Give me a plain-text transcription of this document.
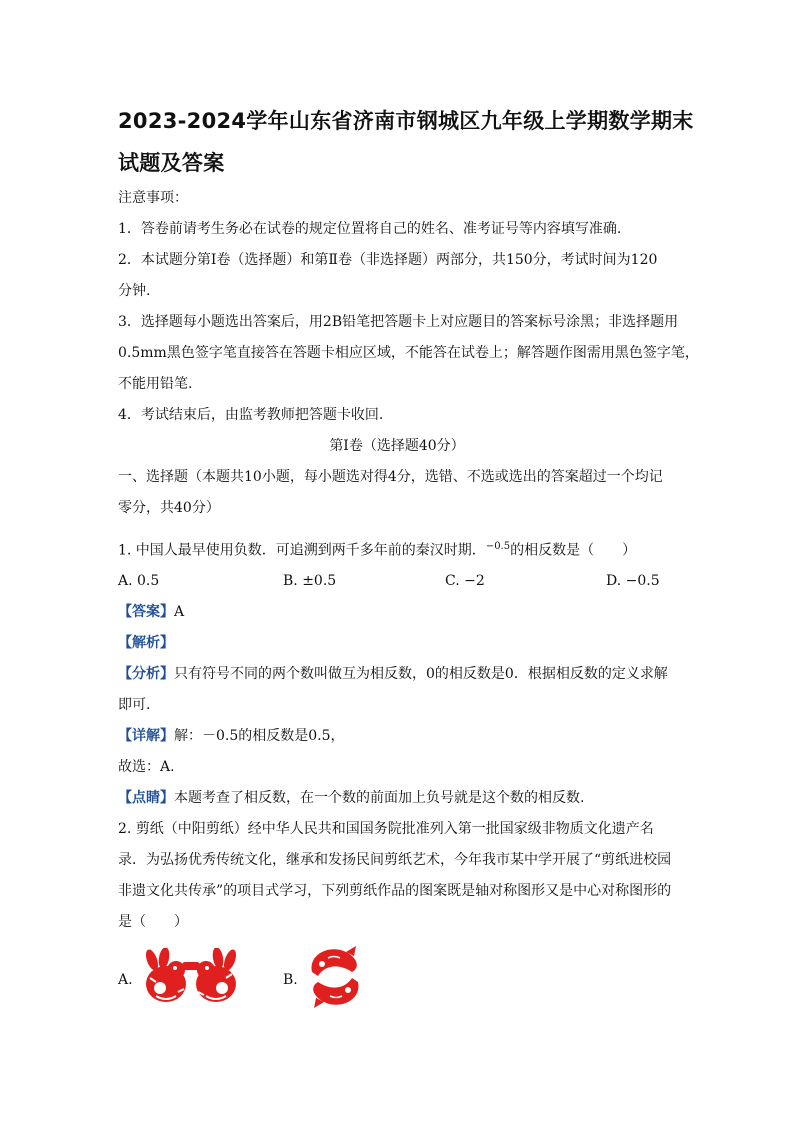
2023-2024学年山东省济南市钢城区九年级上学期数学期末试题及答案
注意事项：
1．答卷前请考生务必在试卷的规定位置将自己的姓名、准考证号等内容填写准确.
2．本试题分第Ⅰ卷（选择题）和第Ⅱ卷（非选择题）两部分，共150分，考试时间为120
分钟.
3．选择题每小题选出答案后，用2B铅笔把答题卡上对应题目的答案标号涂黑；非选择题用
0.5mm黑色签字笔直接答在答题卡相应区域，不能答在试卷上；解答题作图需用黑色签字笔，
不能用铅笔.
4．考试结束后，由监考教师把答题卡收回.
第Ⅰ卷（选择题40分）
一、选择题（本题共10小题，每小题选对得4分，选错、不选或选出的答案超过一个均记
零分，共40分）
1. 中国人最早使用负数．可追溯到两千多年前的秦汉时期．$^{-0.5}$的相反数是（　　）
A. 0.5	B. ±0.5	C. −2	D. −0.5
【答案】A
【解析】
【分析】只有符号不同的两个数叫做互为相反数，0的相反数是0．根据相反数的定义求解
即可.
【详解】解：－0.5的相反数是0.5，
故选：A.
【点睛】本题考查了相反数，在一个数的前面加上负号就是这个数的相反数.
2. 剪纸（中阳剪纸）经中华人民共和国国务院批准列入第一批国家级非物质文化遗产名
录．为弘扬优秀传统文化，继承和发扬民间剪纸艺术，今年我市某中学开展了“剪纸进校园
非遗文化共传承”的项目式学习，下列剪纸作品的图案既是轴对称图形又是中心对称图形的
是（　　）
A.	B.
